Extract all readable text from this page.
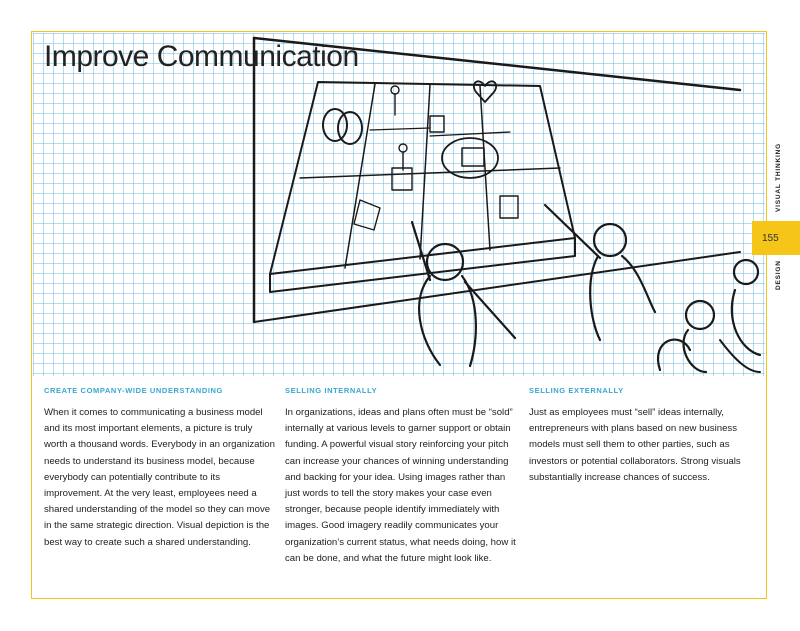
Improve Communication
CREATE COMPANY-WIDE UNDERSTANDING

When it comes to communicating a business model and its most important elements, a picture is truly worth a thousand words. Everybody in an organization needs to understand its business model, because everybody can potentially contribute to its improvement. At the very least, employees need a shared understanding of the model so they can move in the same strategic direction. Visual depiction is the best way to create such a shared understanding.

SELLING INTERNALLY

In organizations, ideas and plans often must be “sold” internally at various levels to garner support or obtain funding. A powerful visual story reinforcing your pitch can increase your chances of winning understanding and backing for your idea. Using images rather than just words to tell the story makes your case even stronger, because people identify immediately with images. Good imagery readily communicates your organization’s current status, what needs doing, how it can be done, and what the future might look like.

SELLING EXTERNALLY

Just as employees must “sell” ideas internally, entrepreneurs with plans based on new business models must sell them to other parties, such as investors or potential collaborators. Strong visuals substantially increase chances of success.

VISUAL THINKING
155
DESIGN
